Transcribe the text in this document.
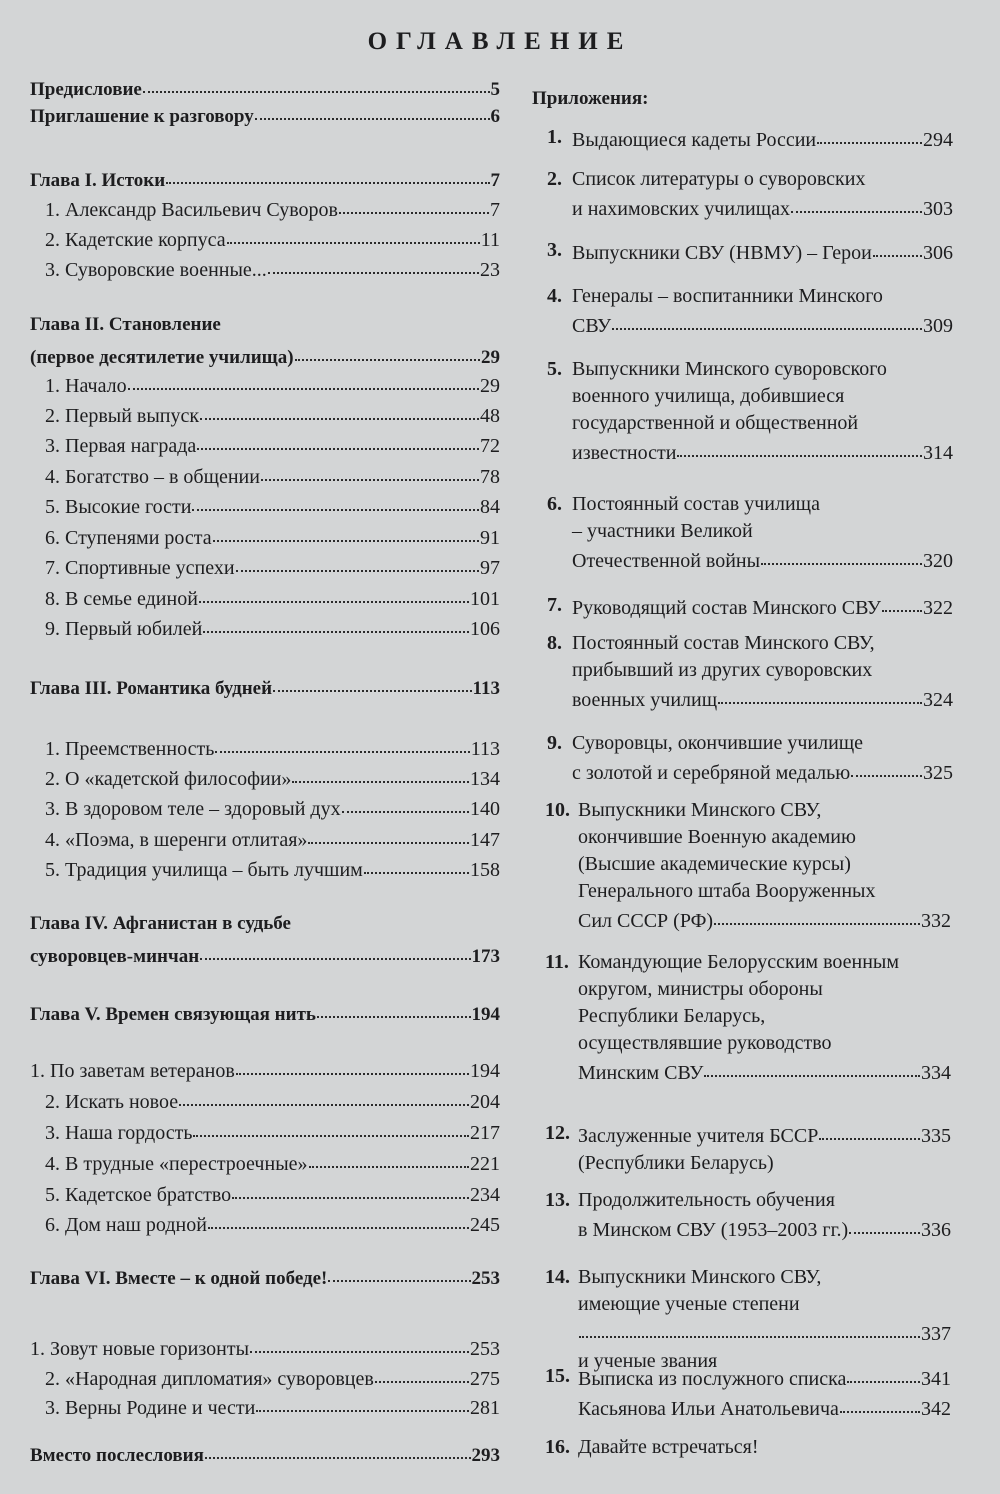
ОГЛАВЛЕНИЕ
Предисловие	5
Приглашение к разговору	6
Глава I. Истоки	7
1. Александр Васильевич Суворов	7
2. Кадетские корпуса	11
3. Суворовские военные...	23
Глава II. Становление
(первое десятилетие училища)	29
1. Начало	29
2. Первый выпуск	48
3. Первая награда	72
4. Богатство – в общении	78
5. Высокие гости	84
6. Ступенями роста	91
7. Спортивные успехи	97
8. В семье единой	101
9. Первый юбилей	106
Глава III. Романтика будней	113
1. Преемственность	113
2. О «кадетской философии»	134
3. В здоровом теле – здоровый дух	140
4. «Поэма, в шеренги отлитая»	147
5. Традиция училища – быть лучшим	158
Глава IV. Афганистан в судьбе
суворовцев-минчан	173
Глава V. Времен связующая нить	194
1. По заветам ветеранов	194
2. Искать новое	204
3. Наша гордость	217
4. В трудные «перестроечные»	221
5. Кадетское братство	234
6. Дом наш родной	245
Глава VI. Вместе – к одной победе!	253
1. Зовут новые горизонты	253
2. «Народная дипломатия» суворовцев	275
3. Верны Родине и чести	281
Вместо послесловия	293
Приложения:
1. Выдающиеся кадеты России	294
2. Список литературы о суворовских
и нахимовских училищах	303
3. Выпускники СВУ (НВМУ) – Герои	306
4. Генералы – воспитанники Минского
СВУ	309
5. Выпускники Минского суворовского
военного училища, добившиеся
государственной и общественной
известности	314
6. Постоянный состав училища
– участники Великой
Отечественной войны	320
7. Руководящий состав Минского СВУ 322
8. Постоянный состав Минского СВУ,
прибывший из других суворовских
военных училищ	324
9. Суворовцы, окончившие училище
с золотой и серебряной медалью	325
10. Выпускники Минского СВУ,
окончившие Военную академию
(Высшие академические курсы)
Генерального штаба Вооруженных
Сил СССР (РФ)	332
11. Командующие Белорусским военным
округом, министры обороны
Республики Беларусь,
осуществлявшие руководство
Минским СВУ	334
12. Заслуженные учителя БССР	335
(Республики Беларусь)
13. Продолжительность обучения
в Минском СВУ (1953–2003 гг.)	336
14. Выпускники Минского СВУ,
имеющие ученые степени
337
и ученые звания
15. Выписка из послужного списка	341
Касьянова Ильи Анатольевича	342
16. Давайте встречаться!
